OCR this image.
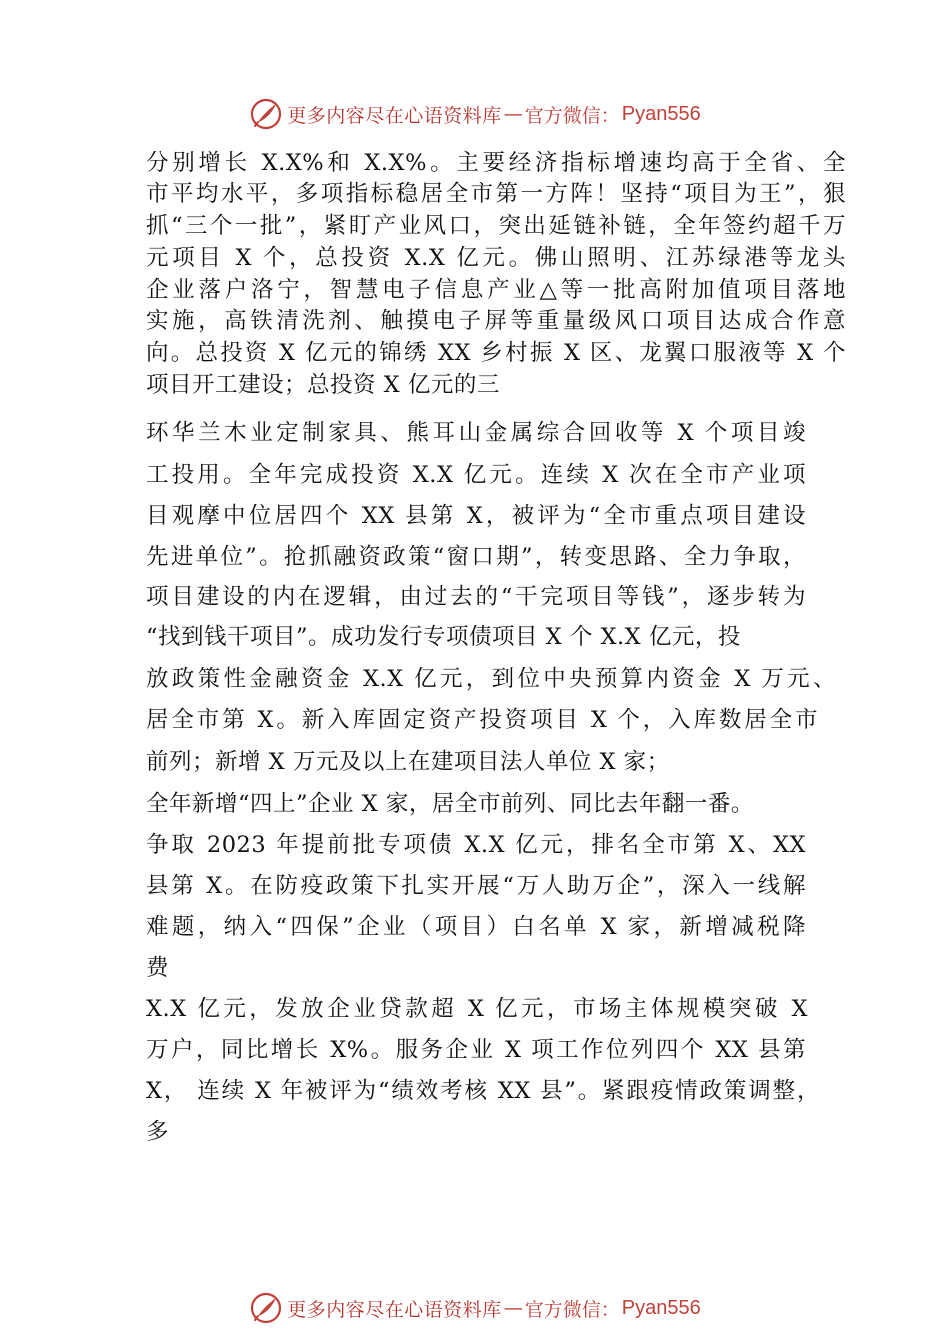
更多内容尽在心语资料库 — 官方微信： Pyan556
分别增长 X.X%和 X.X%。主要经济指标增速均高于全省、全
市平均水平，多项指标稳居全市第一方阵！坚持“项目为王”，狠
抓“三个一批”，紧盯产业风口，突出延链补链，全年签约超千万
元项目 X 个，总投资 X.X 亿元。佛山照明、江苏绿港等龙头
企业落户洛宁，智慧电子信息产业△等一批高附加值项目落地
实施，高铁清洗剂、触摸电子屏等重量级风口项目达成合作意
向。总投资 X 亿元的锦绣 XX 乡村振 X 区、龙翼口服液等 X 个
项目开工建设；总投资 X 亿元的三
环华兰木业定制家具、熊耳山金属综合回收等 X 个项目竣
工投用。全年完成投资 X.X 亿元。连续 X 次在全市产业项
目观摩中位居四个 XX 县第 X，被评为“全市重点项目建设
先进单位”。抢抓融资政策“窗口期”，转变思路、全力争取，
项目建设的内在逻辑，由过去的“干完项目等钱”，逐步转为
“找到钱干项目”。成功发行专项债项目 X 个 X.X 亿元，投
放政策性金融资金 X.X 亿元，到位中央预算内资金 X 万元、
居全市第 X。新入库固定资产投资项目 X 个，入库数居全市
前列；新增 X 万元及以上在建项目法人单位 X 家；
全年新增“四上”企业 X 家，居全市前列、同比去年翻一番。
争取 2023 年提前批专项债 X.X 亿元，排名全市第 X、XX
县第 X。在防疫政策下扎实开展“万人助万企”，深入一线解
难题，纳入“四保”企业（项目）白名单 X 家，新增减税降
费
X.X 亿元，发放企业贷款超 X 亿元，市场主体规模突破 X
万户，同比增长 X%。服务企业 X 项工作位列四个 XX 县第
X， 连续 X 年被评为“绩效考核 XX 县”。紧跟疫情政策调整，
多
更多内容尽在心语资料库 — 官方微信： Pyan556
